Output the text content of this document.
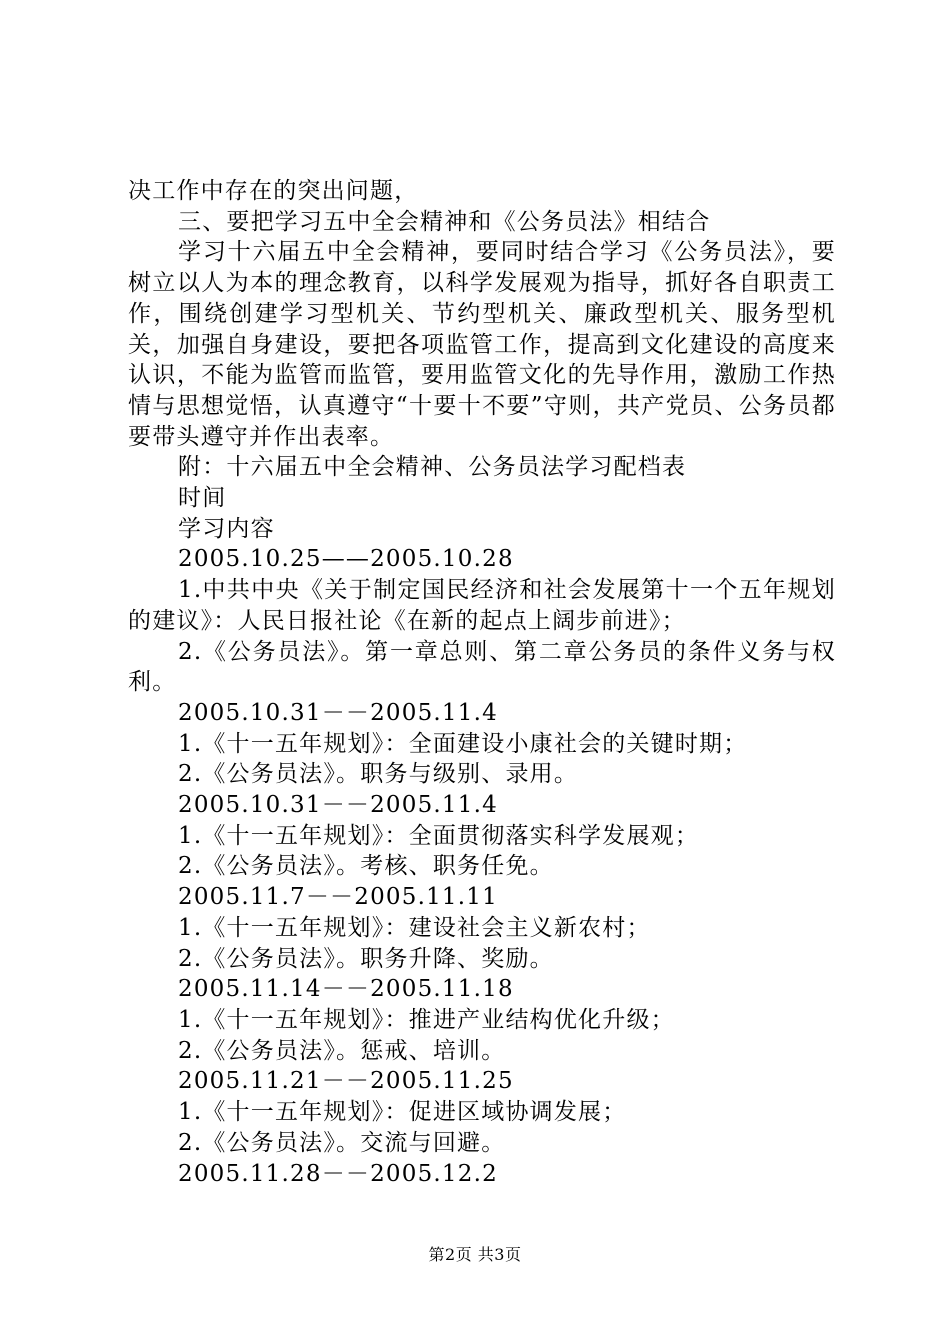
决工作中存在的突出问题，

三、要把学习五中全会精神和《公务员法》相结合

学习十六届五中全会精神，要同时结合学习《公务员法》，要树立以人为本的理念教育，以科学发展观为指导，抓好各自职责工作，围绕创建学习型机关、节约型机关、廉政型机关、服务型机关，加强自身建设，要把各项监管工作，提高到文化建设的高度来认识，不能为监管而监管，要用监管文化的先导作用，激励工作热情与思想觉悟，认真遵守“十要十不要”守则，共产党员、公务员都要带头遵守并作出表率。

附：十六届五中全会精神、公务员法学习配档表

时间

学习内容

2005.10.25——2005.10.28

1.中共中央《关于制定国民经济和社会发展第十一个五年规划的建议》：人民日报社论《在新的起点上阔步前进》；

2.《公务员法》。第一章总则、第二章公务员的条件义务与权利。

2005.10.31－－2005.11.4

1.《十一五年规划》：全面建设小康社会的关键时期；

2.《公务员法》。职务与级别、录用。

2005.10.31－－2005.11.4

1.《十一五年规划》：全面贯彻落实科学发展观；

2.《公务员法》。考核、职务任免。

2005.11.7－－2005.11.11

1.《十一五年规划》：建设社会主义新农村；

2.《公务员法》。职务升降、奖励。

2005.11.14－－2005.11.18

1.《十一五年规划》：推进产业结构优化升级；

2.《公务员法》。惩戒、培训。

2005.11.21－－2005.11.25

1.《十一五年规划》：促进区域协调发展；

2.《公务员法》。交流与回避。

2005.11.28－－2005.12.2

第2页 共3页
